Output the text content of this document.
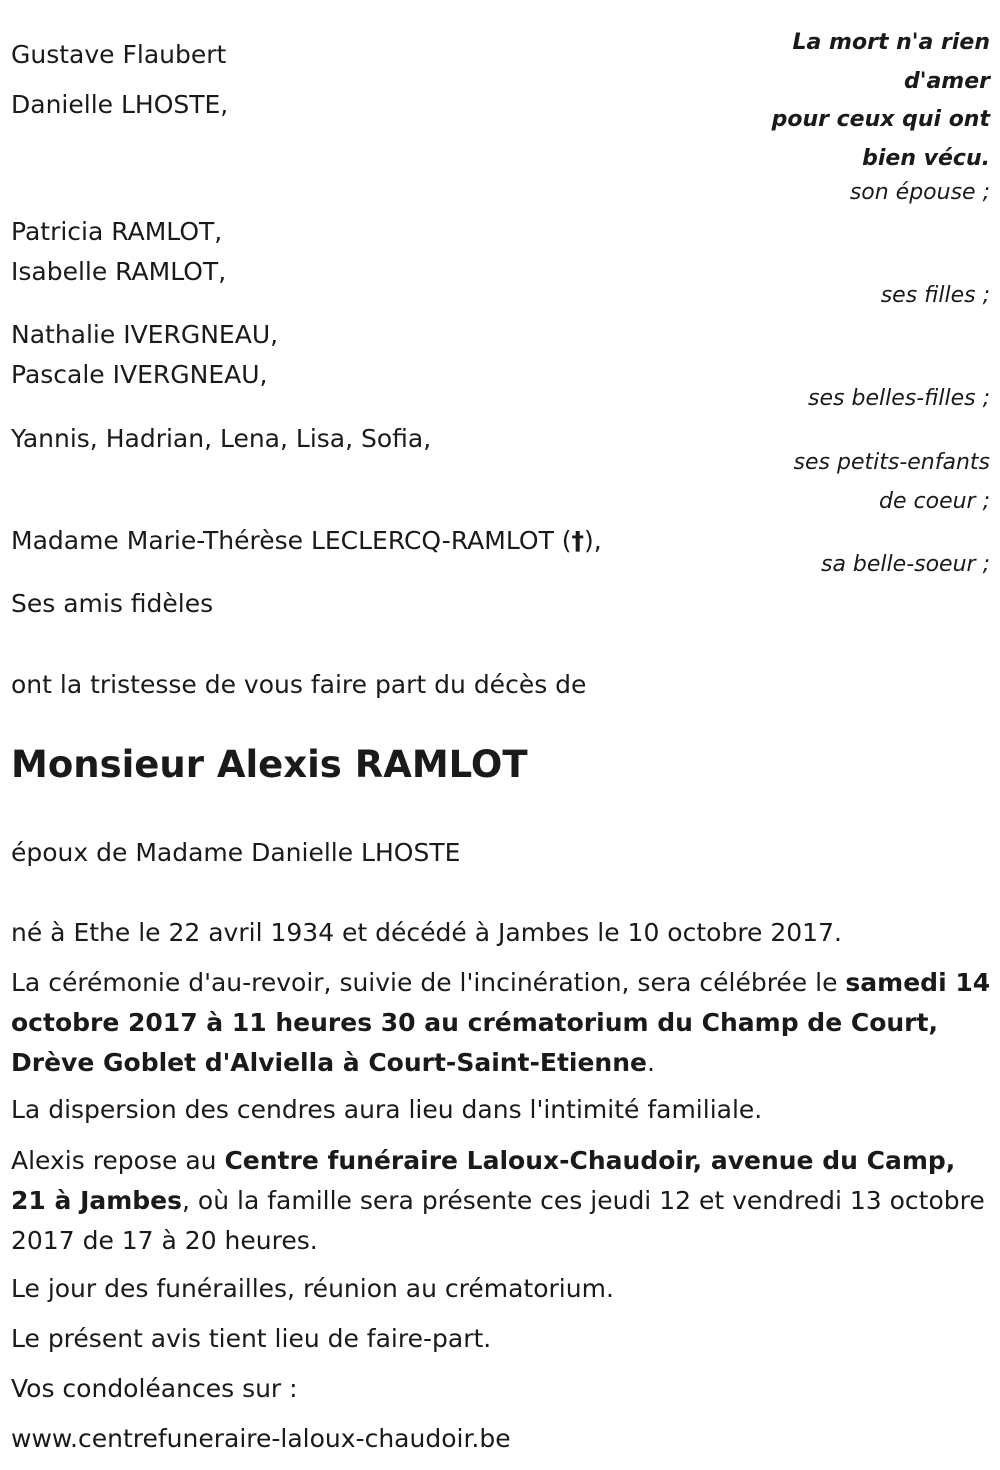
La mort n'a rien
d'amer
pour ceux qui ont
bien vécu.
Gustave Flaubert
Danielle LHOSTE,
son épouse ;
Patricia RAMLOT,
Isabelle RAMLOT,
ses filles ;
Nathalie IVERGNEAU,
Pascale IVERGNEAU,
ses belles-filles ;
Yannis, Hadrian, Lena, Lisa, Sofia,
ses petits-enfants
de coeur ;
Madame Marie-Thérèse LECLERCQ-RAMLOT (†),
sa belle-soeur ;
Ses amis fidèles
ont la tristesse de vous faire part du décès de
Monsieur Alexis RAMLOT
époux de Madame Danielle LHOSTE
né à Ethe le 22 avril 1934 et décédé à Jambes le 10 octobre 2017.
La cérémonie d'au-revoir, suivie de l'incinération, sera célébrée le samedi 14 octobre 2017 à 11 heures 30 au crématorium du Champ de Court, Drève Goblet d'Alviella à Court-Saint-Etienne.
La dispersion des cendres aura lieu dans l'intimité familiale.
Alexis repose au Centre funéraire Laloux-Chaudoir, avenue du Camp, 21 à Jambes, où la famille sera présente ces jeudi 12 et vendredi 13 octobre 2017 de 17 à 20 heures.
Le jour des funérailles, réunion au crématorium.
Le présent avis tient lieu de faire-part.
Vos condoléances sur :
www.centrefuneraire-laloux-chaudoir.be
